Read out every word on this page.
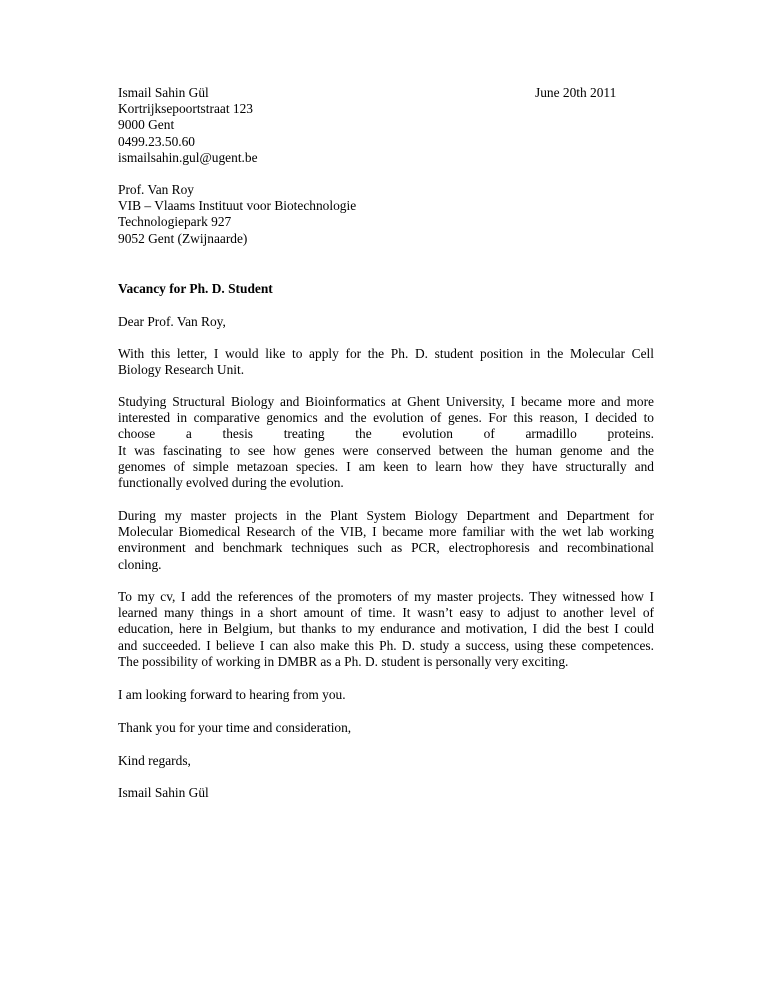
Ismail Sahin Gül
Kortrijksepoortstraat 123
9000 Gent
0499.23.50.60
ismailsahin.gul@ugent.be
June 20th 2011
Prof. Van Roy
VIB – Vlaams Instituut voor Biotechnologie
Technologiepark 927
9052 Gent (Zwijnaarde)
Vacancy for Ph. D. Student
Dear Prof. Van Roy,
With this letter, I would like to apply for the Ph. D. student position in the Molecular Cell
Biology Research Unit.
Studying Structural Biology and Bioinformatics at Ghent University, I became more and more
interested in comparative genomics and the evolution of genes. For this reason, I decided to
choose a thesis treating the evolution of armadillo proteins.
It was fascinating to see how genes were conserved between the human genome and the
genomes of simple metazoan species. I am keen to learn how they have structurally and
functionally evolved during the evolution.
During my master projects in the Plant System Biology Department and Department for
Molecular Biomedical Research of the VIB, I became more familiar with the wet lab working
environment and benchmark techniques such as PCR, electrophoresis and recombinational
cloning.
To my cv, I add the references of the promoters of my master projects. They witnessed how I
learned many things in a short amount of time. It wasn’t easy to adjust to another level of
education, here in Belgium, but thanks to my endurance and motivation, I did the best I could
and succeeded. I believe I can also make this Ph. D. study a success, using these competences.
The possibility of working in DMBR as a Ph. D. student is personally very exciting.
I am looking forward to hearing from you.
Thank you for your time and consideration,
Kind regards,
Ismail Sahin Gül
